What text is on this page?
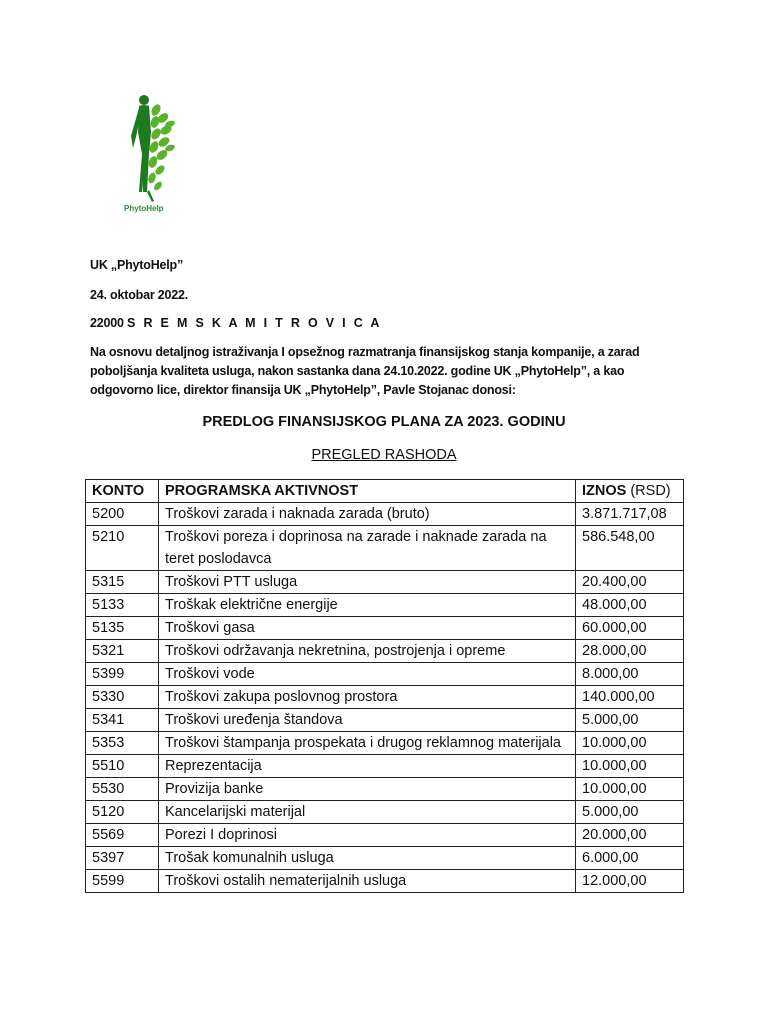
PhytoHelp
UK „PhytoHelp”
24. oktobar 2022.
22000 S R E M S K A M I T R O V I C A
Na osnovu detaljnog istraživanja I opsežnog razmatranja finansijskog stanja kompanije, a zarad poboljšanja kvaliteta usluga, nakon sastanka dana 24.10.2022. godine UK „PhytoHelp”, a kao odgovorno lice, direktor finansija UK „PhytoHelp”, Pavle Stojanac donosi:
PREDLOG FINANSIJSKOG PLANA ZA 2023. GODINU
PREGLED RASHODA
KONTO	PROGRAMSKA AKTIVNOST	IZNOS (RSD)
5200	Troškovi zarada i naknada zarada (bruto)	3.871.717,08
5210	Troškovi poreza i doprinosa na zarade i naknade zarada na teret poslodavca	586.548,00
5315	Troškovi PTT usluga	20.400,00
5133	Troškak električne energije	48.000,00
5135	Troškovi gasa	60.000,00
5321	Troškovi održavanja nekretnina, postrojenja i opreme	28.000,00
5399	Troškovi vode	8.000,00
5330	Troškovi zakupa poslovnog prostora	140.000,00
5341	Troškovi uređenja štandova	5.000,00
5353	Troškovi štampanja prospekata i drugog reklamnog materijala	10.000,00
5510	Reprezentacija	10.000,00
5530	Provizija banke	10.000,00
5120	Kancelarijski materijal	5.000,00
5569	Porezi I doprinosi	20.000,00
5397	Trošak komunalnih usluga	6.000,00
5599	Troškovi ostalih nematerijalnih usluga	12.000,00
